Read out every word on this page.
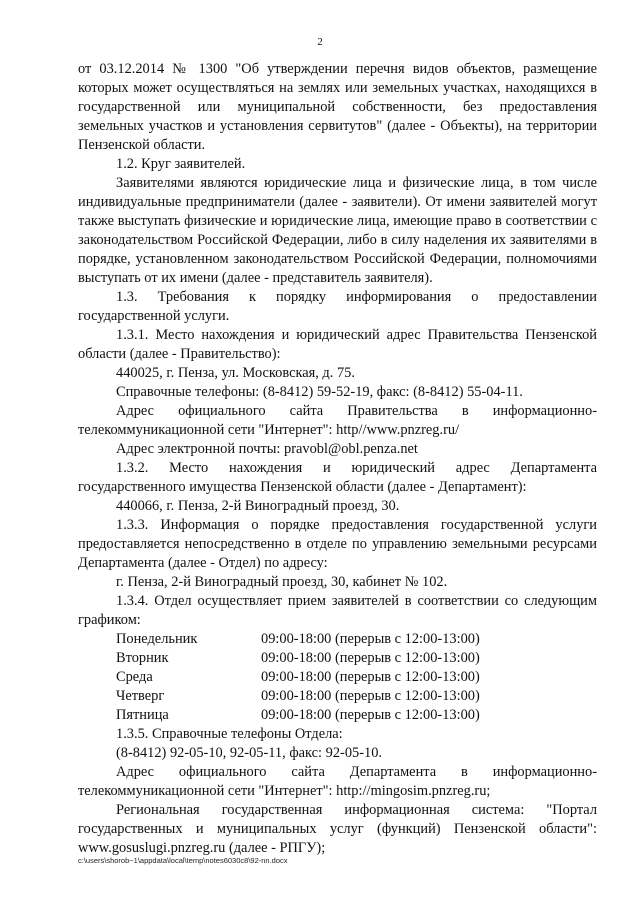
2

от 03.12.2014 № 1300 "Об утверждении перечня видов объектов, размещение которых может осуществляться на землях или земельных участках, находящихся в государственной или муниципальной собственности, без предоставления земельных участков и установления сервитутов" (далее - Объекты), на территории Пензенской области.

1.2. Круг заявителей.

Заявителями являются юридические лица и физические лица, в том числе индивидуальные предприниматели (далее - заявители). От имени заявителей могут также выступать физические и юридические лица, имеющие право в соответствии с законодательством Российской Федерации, либо в силу наделения их заявителями в порядке, установленном законодательством Российской Федерации, полномочиями выступать от их имени (далее - представитель заявителя).

1.3. Требования к порядку информирования о предоставлении государственной услуги.

1.3.1. Место нахождения и юридический адрес Правительства Пензенской области (далее - Правительство):

440025, г. Пенза, ул. Московская, д. 75.

Справочные телефоны: (8-8412) 59-52-19, факс: (8-8412) 55-04-11.

Адрес официального сайта Правительства в информационно-телекоммуникационной сети "Интернет": http//www.pnzreg.ru/

Адрес электронной почты: pravobl@obl.penza.net

1.3.2. Место нахождения и юридический адрес Департамента государственного имущества Пензенской области (далее - Департамент):

440066, г. Пенза, 2-й Виноградный проезд, 30.

1.3.3. Информация о порядке предоставления государственной услуги предоставляется непосредственно в отделе по управлению земельными ресурсами Департамента (далее - Отдел) по адресу:

г. Пенза, 2-й Виноградный проезд, 30, кабинет № 102.

1.3.4. Отдел осуществляет прием заявителей в соответствии со следующим графиком:

Понедельник	09:00-18:00 (перерыв с 12:00-13:00)
Вторник	09:00-18:00 (перерыв с 12:00-13:00)
Среда	09:00-18:00 (перерыв с 12:00-13:00)
Четверг	09:00-18:00 (перерыв с 12:00-13:00)
Пятница	09:00-18:00 (перерыв с 12:00-13:00)

1.3.5. Справочные телефоны Отдела:

(8-8412) 92-05-10, 92-05-11, факс: 92-05-10.

Адрес официального сайта Департамента в информационно-телекоммуникационной сети "Интернет": http://mingosim.pnzreg.ru;

Региональная государственная информационная система: "Портал государственных и муниципальных услуг (функций) Пензенской области": www.gosuslugi.pnzreg.ru (далее - РПГУ);

c:\users\shorob~1\appdata\local\temp\notes6030c8\92-nn.docx
